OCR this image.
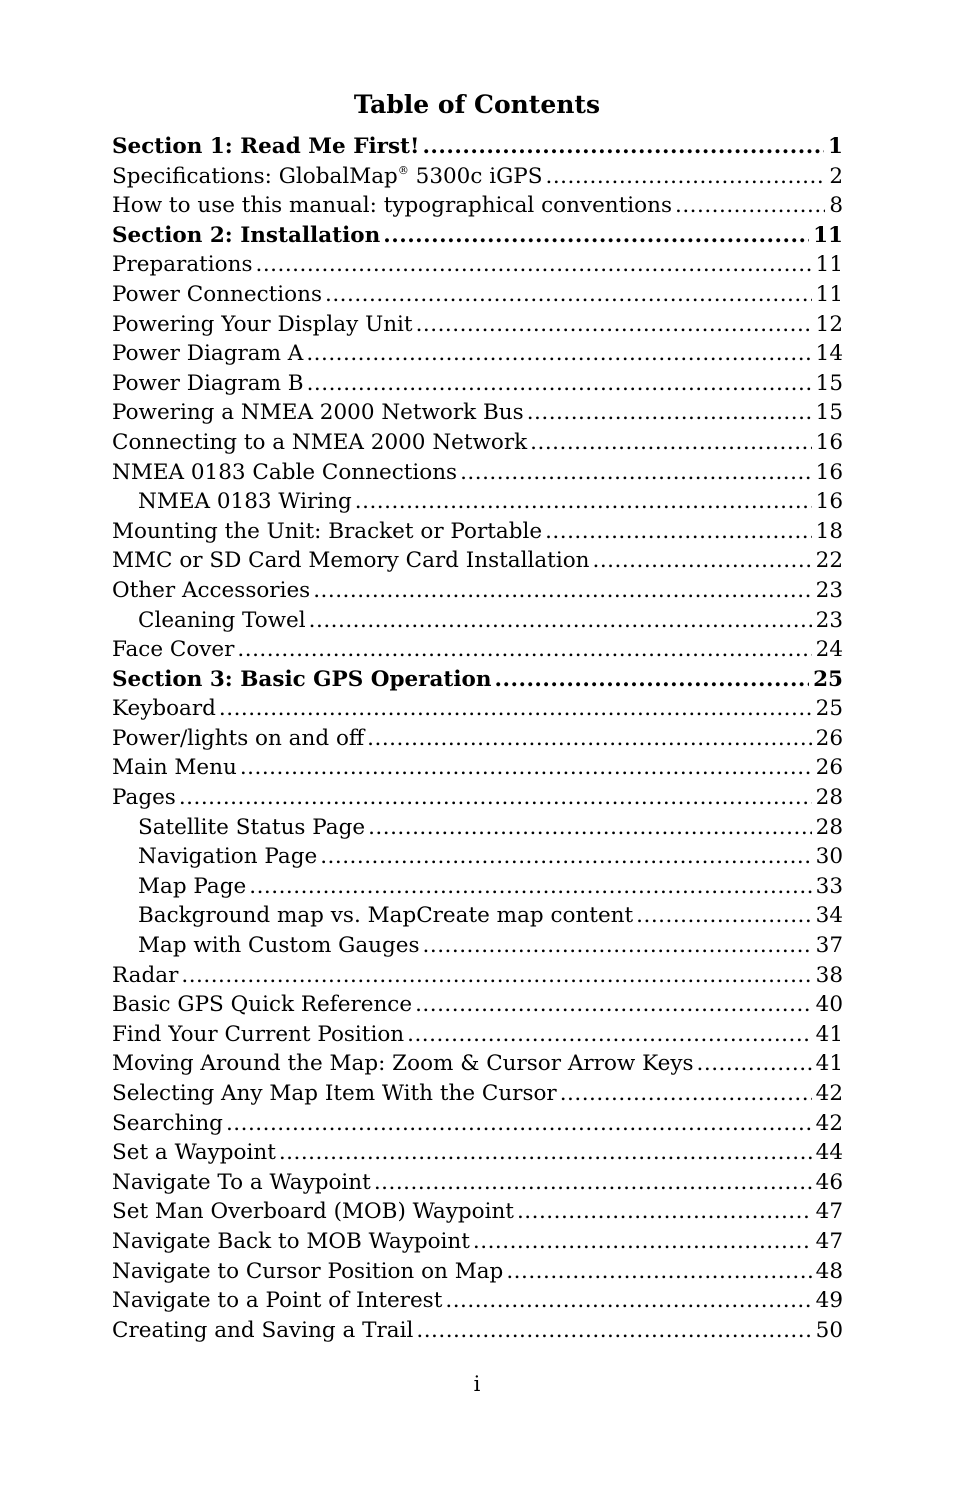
Table of Contents
Section 1: Read Me First! .....	1
Specifications: GlobalMap® 5300c iGPS .....	2
How to use this manual: typographical conventions .....	8
Section 2: Installation .....	11
Preparations .....	11
Power Connections .....	11
Powering Your Display Unit .....	12
Power Diagram A .....	14
Power Diagram B .....	15
Powering a NMEA 2000 Network Bus .....	15
Connecting to a NMEA 2000 Network .....	16
NMEA 0183 Cable Connections .....	16
NMEA 0183 Wiring .....	16
Mounting the Unit: Bracket or Portable .....	18
MMC or SD Card Memory Card Installation .....	22
Other Accessories .....	23
Cleaning Towel .....	23
Face Cover .....	24
Section 3: Basic GPS Operation .....	25
Keyboard .....	25
Power/lights on and off .....	26
Main Menu .....	26
Pages .....	28
Satellite Status Page .....	28
Navigation Page .....	30
Map Page .....	33
Background map vs. MapCreate map content .....	34
Map with Custom Gauges .....	37
Radar .....	38
Basic GPS Quick Reference .....	40
Find Your Current Position .....	41
Moving Around the Map: Zoom & Cursor Arrow Keys .....	41
Selecting Any Map Item With the Cursor .....	42
Searching .....	42
Set a Waypoint .....	44
Navigate To a Waypoint .....	46
Set Man Overboard (MOB) Waypoint .....	47
Navigate Back to MOB Waypoint .....	47
Navigate to Cursor Position on Map .....	48
Navigate to a Point of Interest .....	49
Creating and Saving a Trail .....	50
i
